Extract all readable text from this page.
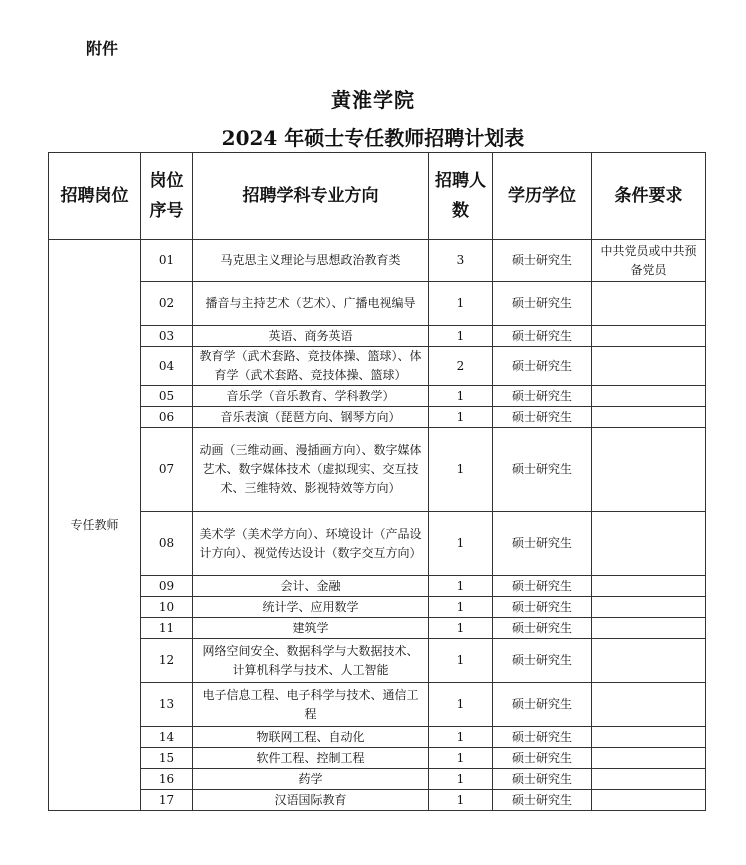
附件
黄淮学院
2024 年硕士专任教师招聘计划表
招聘岗位	岗位序号	招聘学科专业方向	招聘人数	学历学位	条件要求
专任教师	01	马克思主义理论与思想政治教育类	3	硕士研究生	中共党员或中共预备党员
	02	播音与主持艺术（艺术）、广播电视编导	1	硕士研究生	
	03	英语、商务英语	1	硕士研究生	
	04	教育学（武术套路、竞技体操、篮球）、体育学（武术套路、竞技体操、篮球）	2	硕士研究生	
	05	音乐学（音乐教育、学科教学）	1	硕士研究生	
	06	音乐表演（琵琶方向、钢琴方向）	1	硕士研究生	
	07	动画（三维动画、漫插画方向）、数字媒体艺术、数字媒体技术（虚拟现实、交互技术、三维特效、影视特效等方向）	1	硕士研究生	
	08	美术学（美术学方向）、环境设计（产品设计方向）、视觉传达设计（数字交互方向）	1	硕士研究生	
	09	会计、金融	1	硕士研究生	
	10	统计学、应用数学	1	硕士研究生	
	11	建筑学	1	硕士研究生	
	12	网络空间安全、数据科学与大数据技术、计算机科学与技术、人工智能	1	硕士研究生	
	13	电子信息工程、电子科学与技术、通信工程	1	硕士研究生	
	14	物联网工程、自动化	1	硕士研究生	
	15	软件工程、控制工程	1	硕士研究生	
	16	药学	1	硕士研究生	
	17	汉语国际教育	1	硕士研究生	
